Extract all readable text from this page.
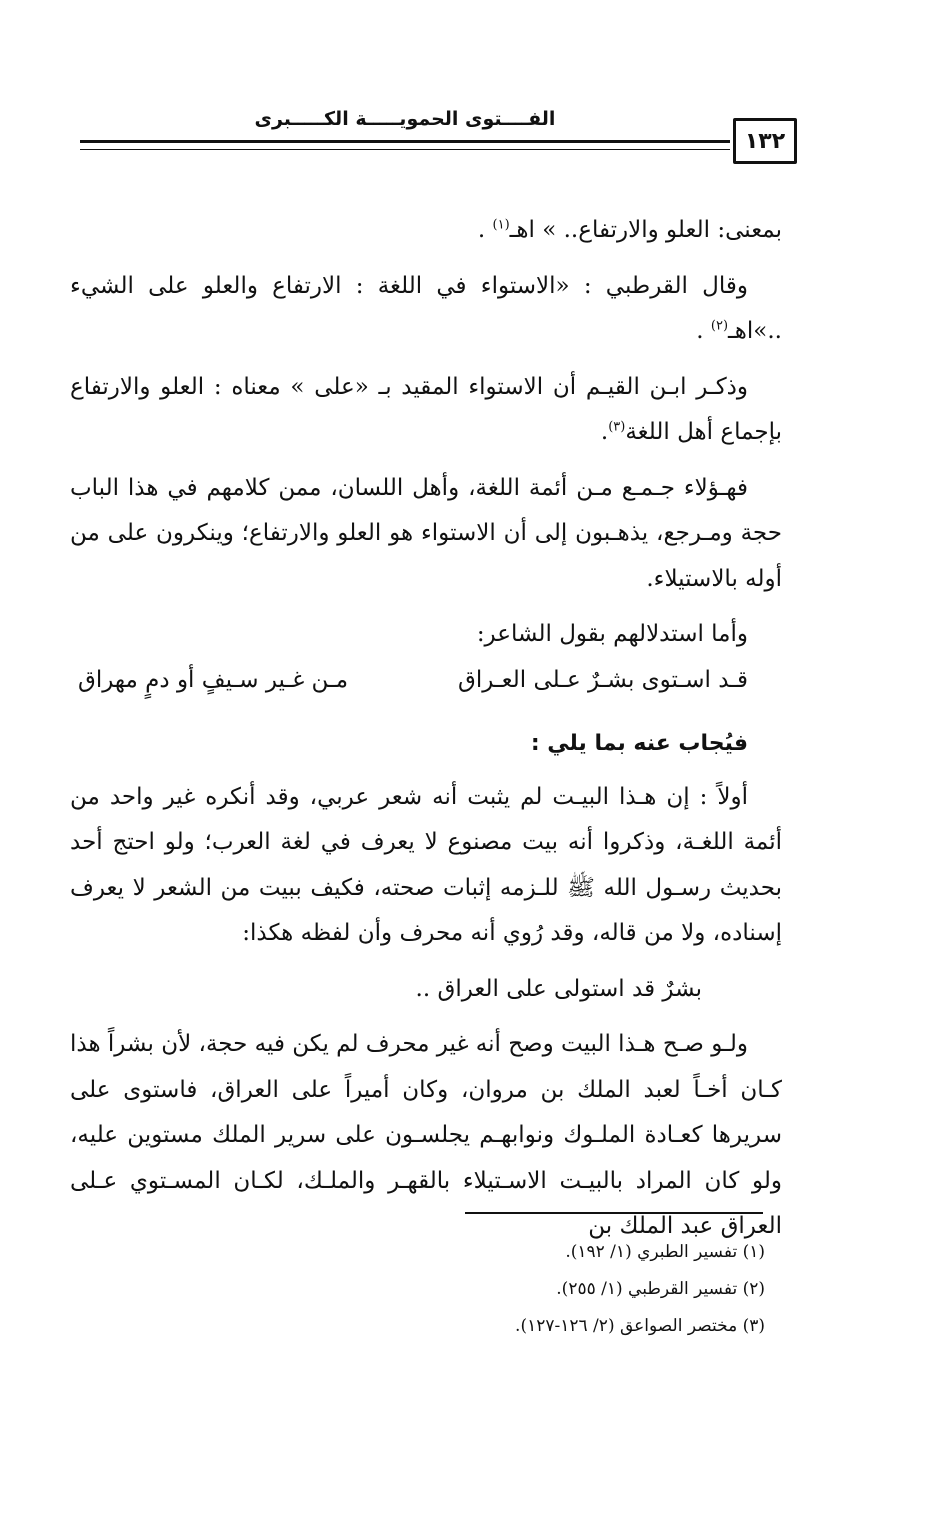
الفــــتوى الحمويـــــة الكـــــبرى
١٣٢

بمعنى: العلو والارتفاع.. » اهـ$^{(١)}$ .

وقال القرطبي : «الاستواء في اللغة : الارتفاع والعلو على الشيء ..»اهـ$^{(٢)}$ .

وذكـر ابـن القيـم أن الاستواء المقيد بـ «على » معناه : العلو والارتفاع بإجماع أهل اللغة$^{(٣)}$.

فهـؤلاء جـمـع مـن أئمة اللغة، وأهل اللسان، ممن كلامهم في هذا الباب حجة ومـرجع، يذهـبون إلى أن الاستواء هو العلو والارتفاع؛ وينكرون على من أوله بالاستيلاء.

وأما استدلالهم بقول الشاعر:

قـد اسـتوى بشـرٌ عـلى العـراق
مـن غـير سـيفٍ أو دمٍ مهراق

فيُجاب عنه بما يلي :

أولاً : إن هـذا البيـت لم يثبت أنه شعر عربي، وقد أنكره غير واحد من أئمة اللغـة، وذكروا أنه بيت مصنوع لا يعرف في لغة العرب؛ ولو احتج أحد بحديث رسـول الله ﷺ للـزمه إثبات صحته، فكيف ببيت من الشعر لا يعرف إسناده، ولا من قاله، وقد رُوي أنه محرف وأن لفظه هكذا:

بشرٌ قد استولى على العراق ..

ولـو صـح هـذا البيت وصح أنه غير محرف لم يكن فيه حجة، لأن بشراً هذا كـان أخـاً لعبد الملك بن مروان، وكان أميراً على العراق، فاستوى على سريرها كعـادة الملـوك ونوابهـم يجلسـون على سرير الملك مستوين عليه، ولو كان المراد بالبيـت الاسـتيلاء بالقهـر والملـك، لكـان المسـتوي عـلى العراق عبد الملك بن

(١) تفسير الطبري (١/ ١٩٢).
(٢) تفسير القرطبي (١/ ٢٥٥).
(٣) مختصر الصواعق (٢/ ١٢٦-١٢٧).
